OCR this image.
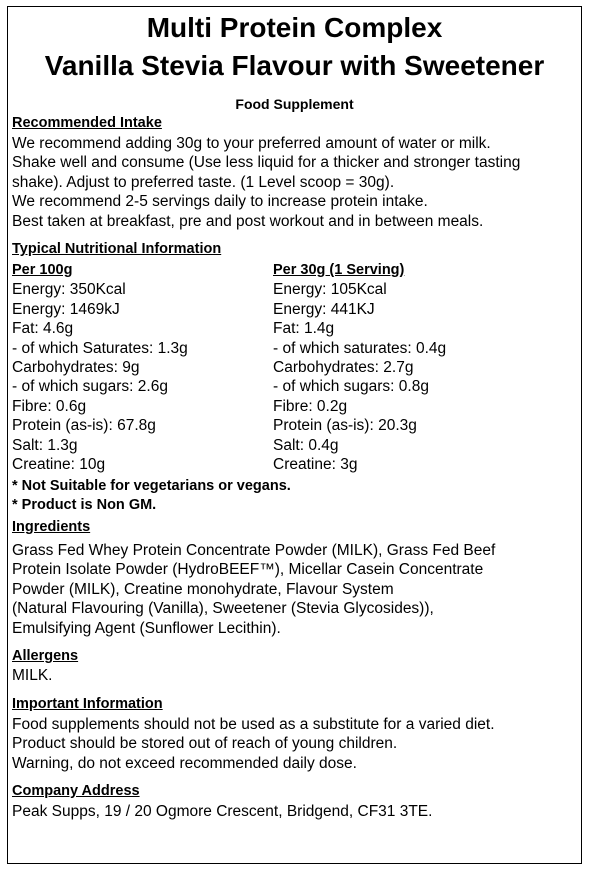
Multi Protein Complex
Vanilla Stevia Flavour with Sweetener
Food Supplement
Recommended Intake
We recommend adding 30g to your preferred amount of water or milk.
Shake well and consume (Use less liquid for a thicker and stronger tasting
shake). Adjust to preferred taste. (1 Level scoop = 30g).
We recommend 2-5 servings daily to increase protein intake.
Best taken at breakfast, pre and post workout and in between meals.
Typical Nutritional Information
Per 100g
Energy: 350Kcal
Energy: 1469kJ
Fat: 4.6g
- of which Saturates: 1.3g
Carbohydrates: 9g
- of which sugars: 2.6g
Fibre: 0.6g
Protein (as-is): 67.8g
Salt: 1.3g
Creatine: 10g
Per 30g (1 Serving)
Energy: 105Kcal
Energy: 441KJ
Fat: 1.4g
- of which saturates: 0.4g
Carbohydrates: 2.7g
- of which sugars: 0.8g
Fibre: 0.2g
Protein (as-is): 20.3g
Salt: 0.4g
Creatine: 3g
* Not Suitable for vegetarians or vegans.
* Product is Non GM.
Ingredients
Grass Fed Whey Protein Concentrate Powder (MILK), Grass Fed Beef
Protein Isolate Powder (HydroBEEF™), Micellar Casein Concentrate
Powder (MILK), Creatine monohydrate, Flavour System
(Natural Flavouring (Vanilla), Sweetener (Stevia Glycosides)),
Emulsifying Agent (Sunflower Lecithin).
Allergens
MILK.
Important Information
Food supplements should not be used as a substitute for a varied diet.
Product should be stored out of reach of young children.
Warning, do not exceed recommended daily dose.
Company Address
Peak Supps, 19 / 20 Ogmore Crescent, Bridgend, CF31 3TE.
